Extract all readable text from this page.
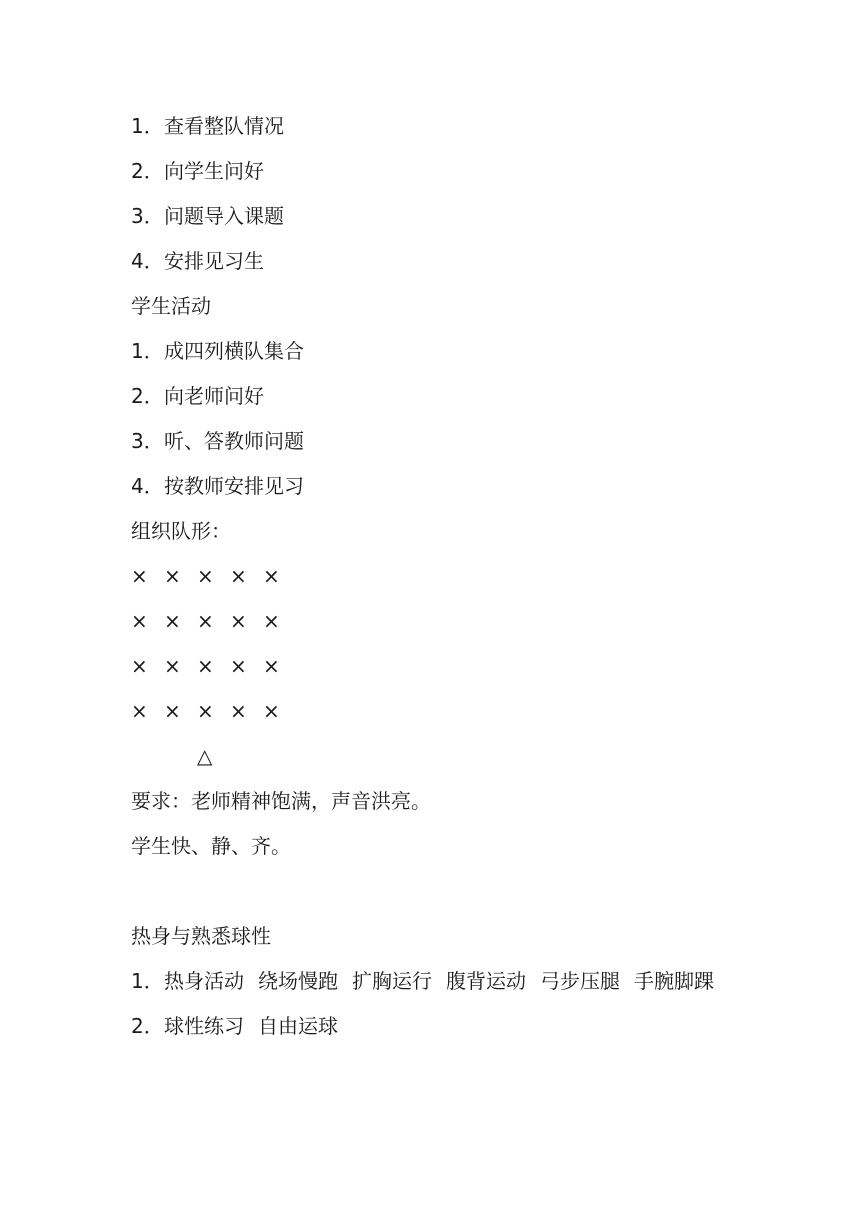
1．查看整队情况
2．向学生问好
3．问题导入课题
4．安排见习生
学生活动
1．成四列横队集合
2．向老师问好
3．听、答教师问题
4．按教师安排见习
组织队形：
× × × × ×
× × × × ×
× × × × ×
× × × × ×
△
要求：老师精神饱满，声音洪亮。
学生快、静、齐。
热身与熟悉球性
1．热身活动 绕场慢跑 扩胸运行 腹背运动 弓步压腿 手腕脚踝
2．球性练习 自由运球
